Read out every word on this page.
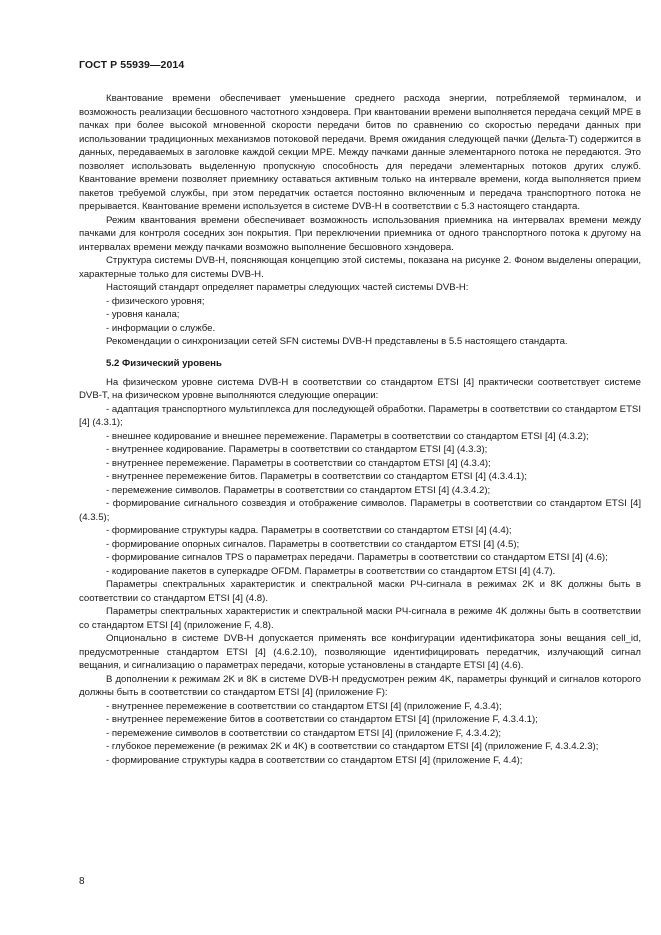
ГОСТ Р 55939—2014

Квантование времени обеспечивает уменьшение среднего расхода энергии, потребляемой терминалом, и возможность реализации бесшовного частотного хэндовера. При квантовании времени выполняется передача секций MPE в пачках при более высокой мгновенной скорости передачи битов по сравнению со скоростью передачи данных при использовании традиционных механизмов потоковой передачи. Время ожидания следующей пачки (Дельта-T) содержится в данных, передаваемых в заголовке каждой секции MPE. Между пачками данные элементарного потока не передаются. Это позволяет использовать выделенную пропускную способность для передачи элементарных потоков других служб. Квантование времени позволяет приемнику оставаться активным только на интервале времени, когда выполняется прием пакетов требуемой службы, при этом передатчик остается постоянно включенным и передача транспортного потока не прерывается. Квантование времени используется в системе DVB-H в соответствии с 5.3 настоящего стандарта.

Режим квантования времени обеспечивает возможность использования приемника на интервалах времени между пачками для контроля соседних зон покрытия. При переключении приемника от одного транспортного потока к другому на интервалах времени между пачками возможно выполнение бесшовного хэндовера.

Структура системы DVB-H, поясняющая концепцию этой системы, показана на рисунке 2. Фоном выделены операции, характерные только для системы DVB-H.

Настоящий стандарт определяет параметры следующих частей системы DVB-H:

- физического уровня;

- уровня канала;

- информации о службе.

Рекомендации о синхронизации сетей SFN системы DVB-H представлены в 5.5 настоящего стандарта.

5.2 Физический уровень

На физическом уровне система DVB-H в соответствии со стандартом ETSI [4] практически соответствует системе DVB-T, на физическом уровне выполняются следующие операции:

- адаптация транспортного мультиплекса для последующей обработки. Параметры в соответствии со стандартом ETSI [4] (4.3.1);

- внешнее кодирование и внешнее перемежение. Параметры в соответствии со стандартом ETSI [4] (4.3.2);

- внутреннее кодирование. Параметры в соответствии со стандартом ETSI [4] (4.3.3);

- внутреннее перемежение. Параметры в соответствии со стандартом ETSI [4] (4.3.4);

- внутреннее перемежение битов. Параметры в соответствии со стандартом ETSI [4] (4.3.4.1);

- перемежение символов. Параметры в соответствии со стандартом ETSI [4] (4.3.4.2);

- формирование сигнального созвездия и отображение символов. Параметры в соответствии со стандартом ETSI [4] (4.3.5);

- формирование структуры кадра. Параметры в соответствии со стандартом ETSI [4] (4.4);

- формирование опорных сигналов. Параметры в соответствии со стандартом ETSI [4] (4.5);

- формирование сигналов TPS о параметрах передачи. Параметры в соответствии со стандартом ETSI [4] (4.6);

- кодирование пакетов в суперкадре OFDM. Параметры в соответствии со стандартом ETSI [4] (4.7).

Параметры спектральных характеристик и спектральной маски РЧ-сигнала в режимах 2K и 8K должны быть в соответствии со стандартом ETSI [4] (4.8).

Параметры спектральных характеристик и спектральной маски РЧ-сигнала в режиме 4K должны быть в соответствии со стандартом ETSI [4] (приложение F, 4.8).

Опционально в системе DVB-H допускается применять все конфигурации идентификатора зоны вещания cell_id, предусмотренные стандартом ETSI [4] (4.6.2.10), позволяющие идентифицировать передатчик, излучающий сигнал вещания, и сигнализацию о параметрах передачи, которые установлены в стандарте ETSI [4] (4.6).

В дополнении к режимам 2K и 8K в системе DVB-H предусмотрен режим 4K, параметры функций и сигналов которого должны быть в соответствии со стандартом ETSI [4] (приложение F):

- внутреннее перемежение в соответствии со стандартом ETSI [4] (приложение F, 4.3.4);

- внутреннее перемежение битов в соответствии со стандартом ETSI [4] (приложение F, 4.3.4.1);

- перемежение символов в соответствии со стандартом ETSI [4] (приложение F, 4.3.4.2);

- глубокое перемежение (в режимах 2K и 4K) в соответствии со стандартом ETSI [4] (приложение F, 4.3.4.2.3);

- формирование структуры кадра в соответствии со стандартом ETSI [4] (приложение F, 4.4);

8
